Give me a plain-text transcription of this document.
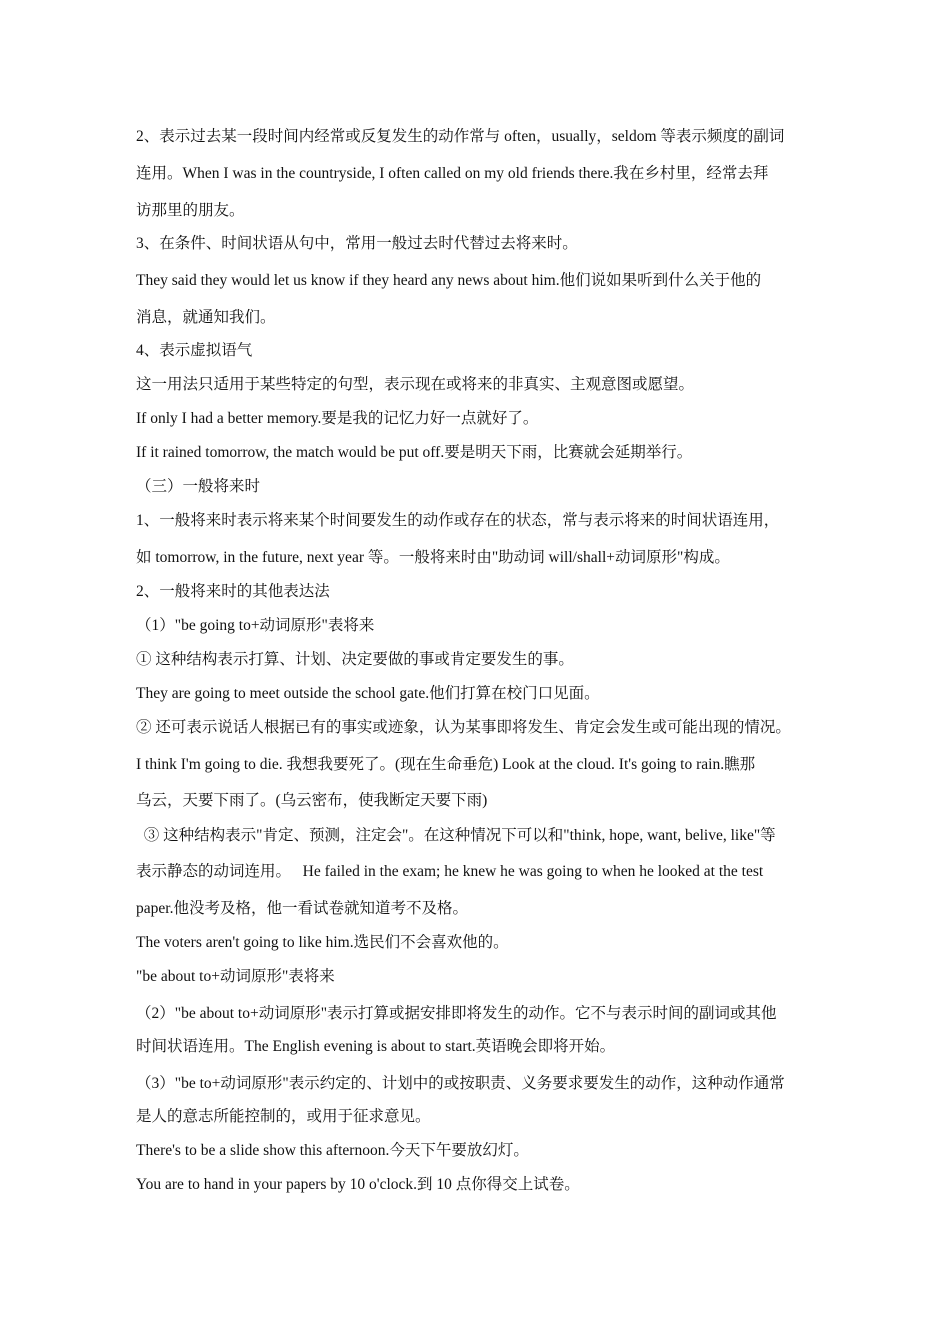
2、表示过去某一段时间内经常或反复发生的动作常与 often，usually，seldom 等表示频度的副词
连用。When I was in the countryside, I often called on my old friends there.我在乡村里，经常去拜
访那里的朋友。
3、在条件、时间状语从句中，常用一般过去时代替过去将来时。
They said they would let us know if they heard any news about him.他们说如果听到什么关于他的
消息，就通知我们。
4、表示虚拟语气
这一用法只适用于某些特定的句型，表示现在或将来的非真实、主观意图或愿望。
If only I had a better memory.要是我的记忆力好一点就好了。
If it rained tomorrow, the match would be put off.要是明天下雨，比赛就会延期举行。
（三）一般将来时
1、一般将来时表示将来某个时间要发生的动作或存在的状态，常与表示将来的时间状语连用，
如 tomorrow, in the future, next year 等。一般将来时由"助动词 will/shall+动词原形"构成。
2、一般将来时的其他表达法
（1）"be going to+动词原形"表将来
① 这种结构表示打算、计划、决定要做的事或肯定要发生的事。
They are going to meet outside the school gate.他们打算在校门口见面。
② 还可表示说话人根据已有的事实或迹象，认为某事即将发生、肯定会发生或可能出现的情况。
I think I'm going to die. 我想我要死了。(现在生命垂危) Look at the cloud. It's going to rain.瞧那
乌云，天要下雨了。(乌云密布，使我断定天要下雨)
③ 这种结构表示"肯定、预测，注定会"。在这种情况下可以和"think, hope, want, belive, like"等
表示静态的动词连用。   He failed in the exam; he knew he was going to when he looked at the test
paper.他没考及格，他一看试卷就知道考不及格。
The voters aren't going to like him.选民们不会喜欢他的。
"be about to+动词原形"表将来
（2）"be about to+动词原形"表示打算或据安排即将发生的动作。它不与表示时间的副词或其他
时间状语连用。The English evening is about to start.英语晚会即将开始。
（3）"be to+动词原形"表示约定的、计划中的或按职责、义务要求要发生的动作，这种动作通常
是人的意志所能控制的，或用于征求意见。
There's to be a slide show this afternoon.今天下午要放幻灯。
You are to hand in your papers by 10 o'clock.到 10 点你得交上试卷。
